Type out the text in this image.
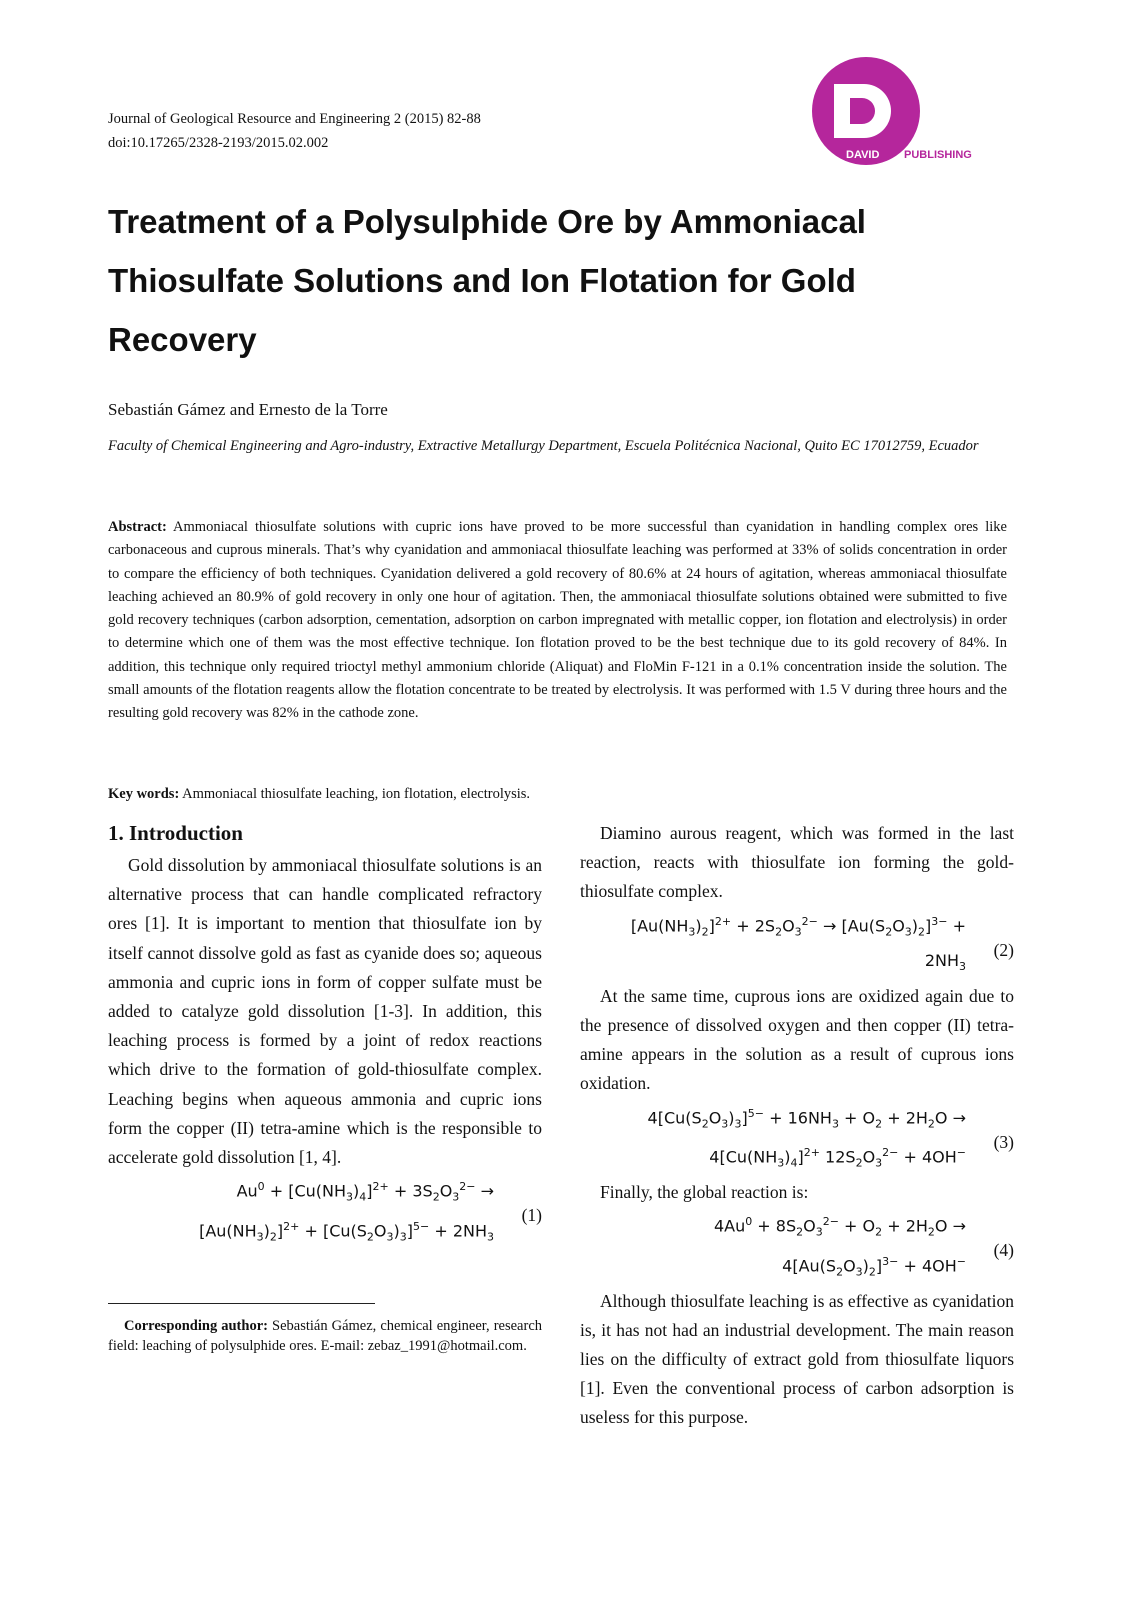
Journal of Geological Resource and Engineering 2 (2015) 82-88
doi:10.17265/2328-2193/2015.02.002
DAVID PUBLISHING
Treatment of a Polysulphide Ore by Ammoniacal Thiosulfate Solutions and Ion Flotation for Gold Recovery
Sebastián Gámez and Ernesto de la Torre
Faculty of Chemical Engineering and Agro-industry, Extractive Metallurgy Department, Escuela Politécnica Nacional, Quito EC 17012759, Ecuador
Abstract: Ammoniacal thiosulfate solutions with cupric ions have proved to be more successful than cyanidation in handling complex ores like carbonaceous and cuprous minerals. That’s why cyanidation and ammoniacal thiosulfate leaching was performed at 33% of solids concentration in order to compare the efficiency of both techniques. Cyanidation delivered a gold recovery of 80.6% at 24 hours of agitation, whereas ammoniacal thiosulfate leaching achieved an 80.9% of gold recovery in only one hour of agitation. Then, the ammoniacal thiosulfate solutions obtained were submitted to five gold recovery techniques (carbon adsorption, cementation, adsorption on carbon impregnated with metallic copper, ion flotation and electrolysis) in order to determine which one of them was the most effective technique. Ion flotation proved to be the best technique due to its gold recovery of 84%. In addition, this technique only required trioctyl methyl ammonium chloride (Aliquat) and FloMin F-121 in a 0.1% concentration inside the solution. The small amounts of the flotation reagents allow the flotation concentrate to be treated by electrolysis. It was performed with 1.5 V during three hours and the resulting gold recovery was 82% in the cathode zone.
Key words: Ammoniacal thiosulfate leaching, ion flotation, electrolysis.
1. Introduction

Gold dissolution by ammoniacal thiosulfate solutions is an alternative process that can handle complicated refractory ores [1]. It is important to mention that thiosulfate ion by itself cannot dissolve gold as fast as cyanide does so; aqueous ammonia and cupric ions in form of copper sulfate must be added to catalyze gold dissolution [1-3]. In addition, this leaching process is formed by a joint of redox reactions which drive to the formation of gold-thiosulfate complex. Leaching begins when aqueous ammonia and cupric ions form the copper (II) tetra-amine which is the responsible to accelerate gold dissolution [1, 4].

$Au^0 + [Cu(NH_3)_4]^{2+} + 3S_2O_3^{2-}$ →
$[Au(NH_3)_2]^{2+} + [Cu(S_2O_3)_3]^{5-} + 2NH_3$
(1)

Diamino aurous reagent, which was formed in the last reaction, reacts with thiosulfate ion forming the gold-thiosulfate complex.

$[Au(NH_3)_2]^{2+} + 2S_2O_3^{2-} \to [Au(S_2O_3)_2]^{3-}$ +
$2NH_3$
(2)

At the same time, cuprous ions are oxidized again due to the presence of dissolved oxygen and then copper (II) tetra-amine appears in the solution as a result of cuprous ions oxidation.

$4[Cu(S_2O_3)_3]^{5-} + 16NH_3 + O_2 + 2H_2O$ →
$4[Cu(NH_3)_4]^{2+}$ $12S_2O_3^{2-} + 4OH^-$
(3)

Finally, the global reaction is:

$4Au^0 + 8S_2O_3^{2-} + O_2 + 2H_2O$ →
$4[Au(S_2O_3)_2]^{3-} + 4OH^-$
(4)

Although thiosulfate leaching is as effective as cyanidation is, it has not had an industrial development. The main reason lies on the difficulty of extract gold from thiosulfate liquors [1]. Even the conventional process of carbon adsorption is useless for this purpose.

Corresponding author: Sebastián Gámez, chemical engineer, research field: leaching of polysulphide ores. E-mail: zebaz_1991@hotmail.com.
